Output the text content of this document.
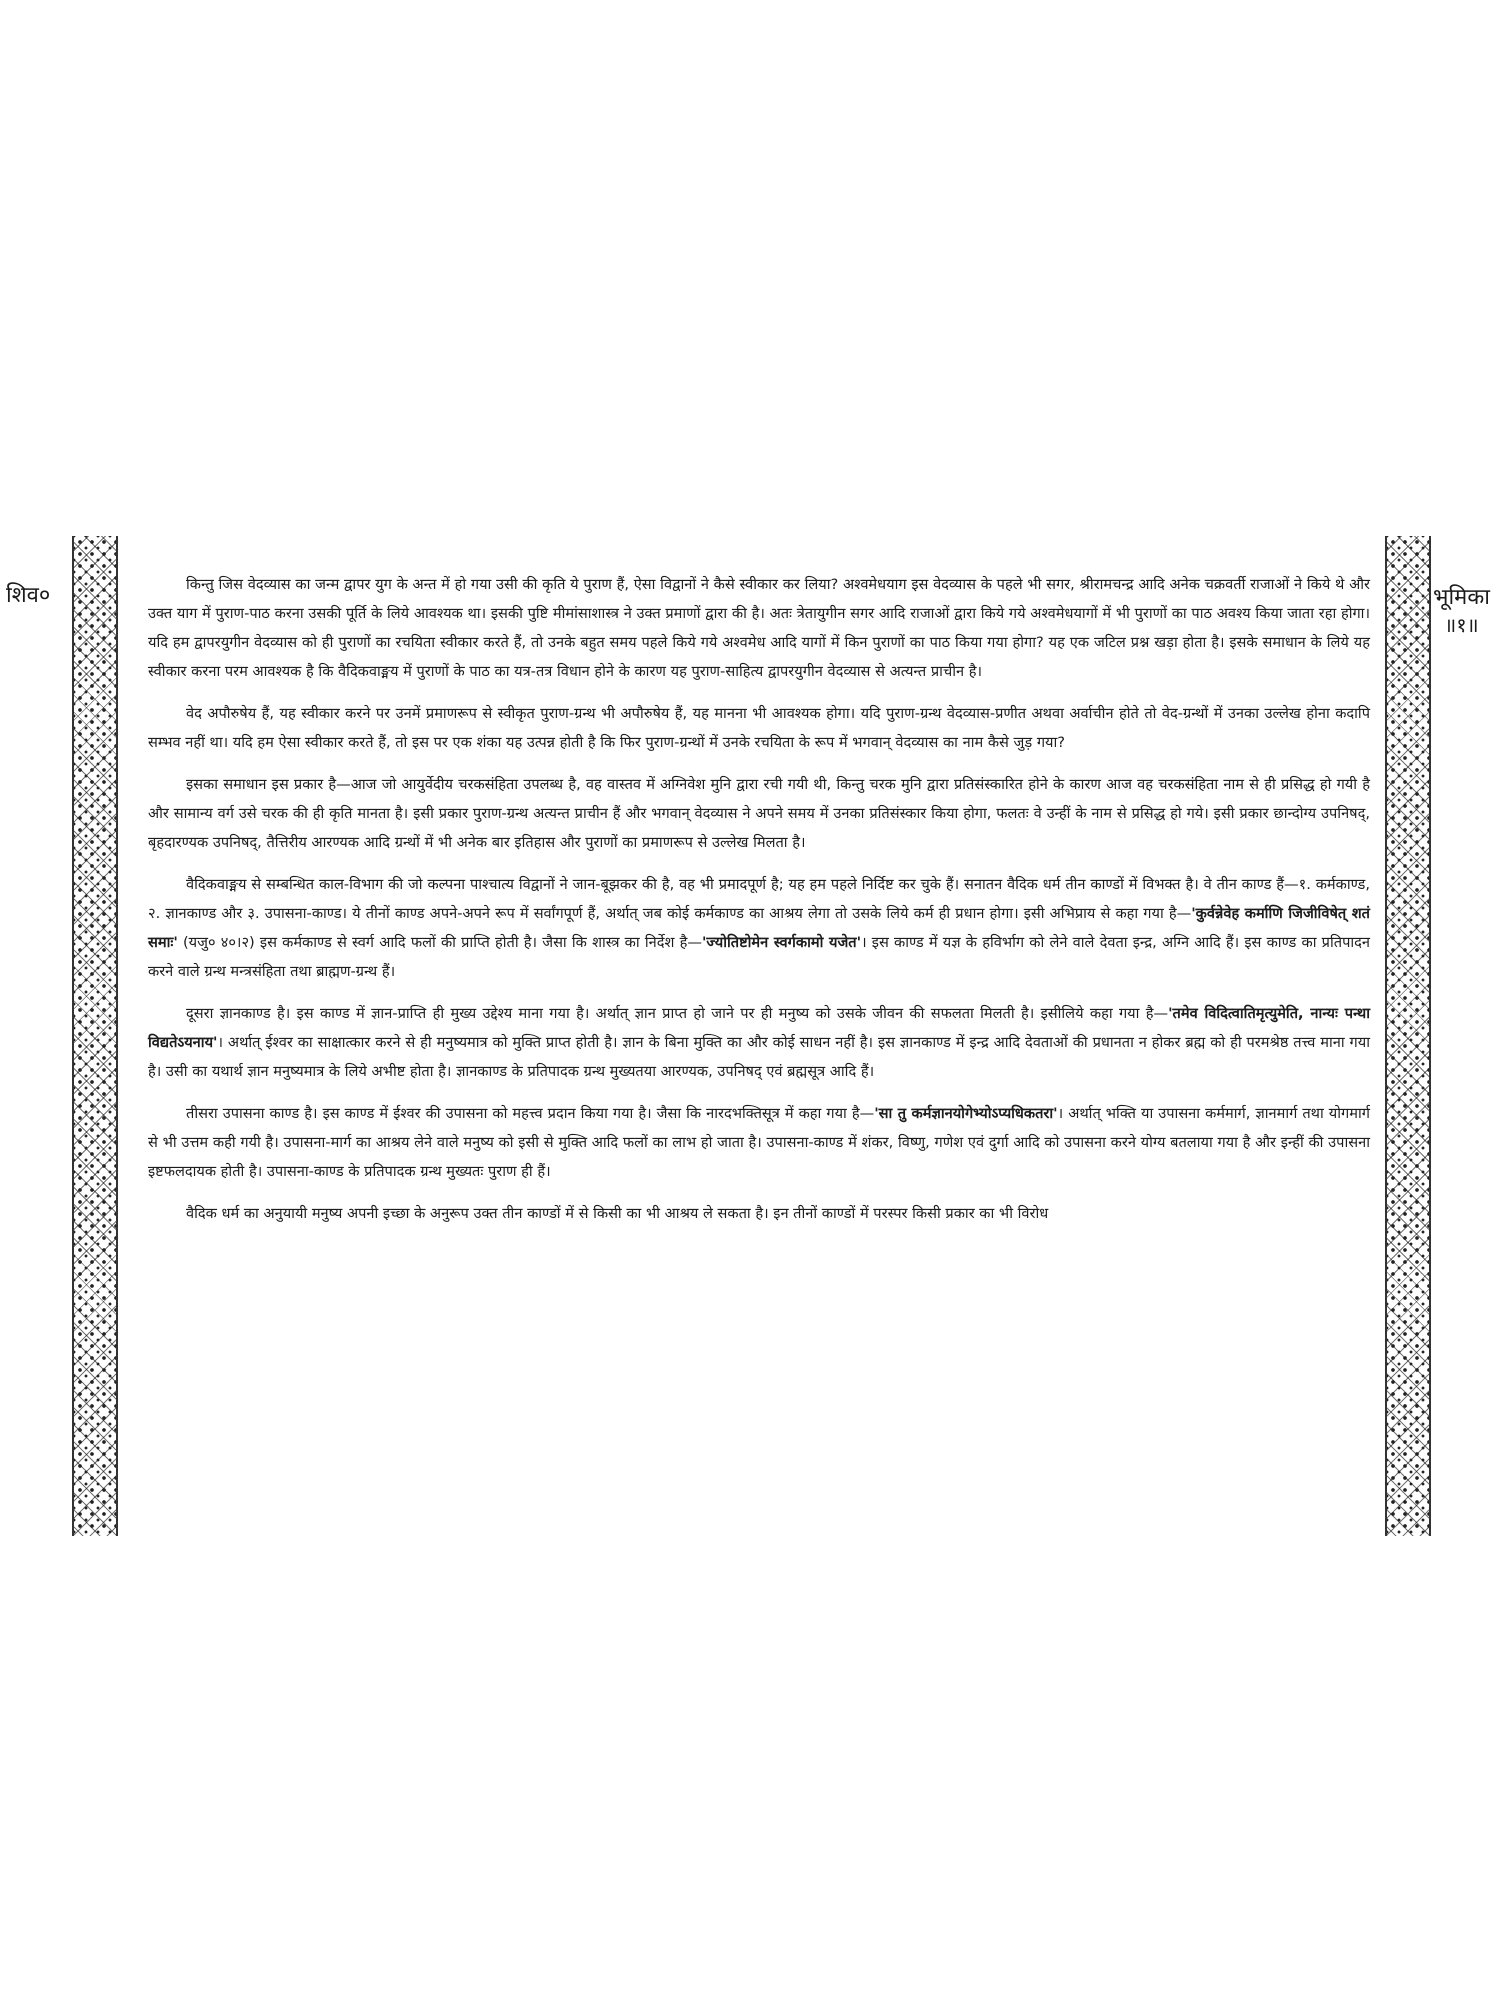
शिव०	भूमिका
॥१॥

किन्तु जिस वेदव्यास का जन्म द्वापर युग के अन्त में हो गया उसी की कृति ये पुराण हैं, ऐसा विद्वानों ने कैसे स्वीकार कर लिया? अश्वमेधयाग इस वेदव्यास के पहले भी सगर, श्रीरामचन्द्र आदि अनेक चक्रवर्ती राजाओं ने किये थे और उक्त याग में पुराण-पाठ करना उसकी पूर्ति के लिये आवश्यक था। इसकी पुष्टि मीमांसाशास्त्र ने उक्त प्रमाणों द्वारा की है। अतः त्रेतायुगीन सगर आदि राजाओं द्वारा किये गये अश्वमेधयागों में भी पुराणों का पाठ अवश्य किया जाता रहा होगा। यदि हम द्वापरयुगीन वेदव्यास को ही पुराणों का रचयिता स्वीकार करते हैं, तो उनके बहुत समय पहले किये गये अश्वमेध आदि यागों में किन पुराणों का पाठ किया गया होगा? यह एक जटिल प्रश्न खड़ा होता है। इसके समाधान के लिये यह स्वीकार करना परम आवश्यक है कि वैदिकवाङ्मय में पुराणों के पाठ का यत्र-तत्र विधान होने के कारण यह पुराण-साहित्य द्वापरयुगीन वेदव्यास से अत्यन्त प्राचीन है।

वेद अपौरुषेय हैं, यह स्वीकार करने पर उनमें प्रमाणरूप से स्वीकृत पुराण-ग्रन्थ भी अपौरुषेय हैं, यह मानना भी आवश्यक होगा। यदि पुराण-ग्रन्थ वेदव्यास-प्रणीत अथवा अर्वाचीन होते तो वेद-ग्रन्थों में उनका उल्लेख होना कदापि सम्भव नहीं था। यदि हम ऐसा स्वीकार करते हैं, तो इस पर एक शंका यह उत्पन्न होती है कि फिर पुराण-ग्रन्थों में उनके रचयिता के रूप में भगवान् वेदव्यास का नाम कैसे जुड़ गया?

इसका समाधान इस प्रकार है—आज जो आयुर्वेदीय चरकसंहिता उपलब्ध है, वह वास्तव में अग्निवेश मुनि द्वारा रची गयी थी, किन्तु चरक मुनि द्वारा प्रतिसंस्कारित होने के कारण आज वह चरकसंहिता नाम से ही प्रसिद्ध हो गयी है और सामान्य वर्ग उसे चरक की ही कृति मानता है। इसी प्रकार पुराण-ग्रन्थ अत्यन्त प्राचीन हैं और भगवान् वेदव्यास ने अपने समय में उनका प्रतिसंस्कार किया होगा, फलतः वे उन्हीं के नाम से प्रसिद्ध हो गये। इसी प्रकार छान्दोग्य उपनिषद्, बृहदारण्यक उपनिषद्, तैत्तिरीय आरण्यक आदि ग्रन्थों में भी अनेक बार इतिहास और पुराणों का प्रमाणरूप से उल्लेख मिलता है।

वैदिकवाङ्मय से सम्बन्धित काल-विभाग की जो कल्पना पाश्चात्य विद्वानों ने जान-बूझकर की है, वह भी प्रमादपूर्ण है; यह हम पहले निर्दिष्ट कर चुके हैं। सनातन वैदिक धर्म तीन काण्डों में विभक्त है। वे तीन काण्ड हैं—१. कर्मकाण्ड, २. ज्ञानकाण्ड और ३. उपासना-काण्ड। ये तीनों काण्ड अपने-अपने रूप में सर्वांगपूर्ण हैं, अर्थात् जब कोई कर्मकाण्ड का आश्रय लेगा तो उसके लिये कर्म ही प्रधान होगा। इसी अभिप्राय से कहा गया है—'कुर्वन्नेवेह कर्माणि जिजीविषेत् शतं समाः' (यजु० ४०।२) इस कर्मकाण्ड से स्वर्ग आदि फलों की प्राप्ति होती है। जैसा कि शास्त्र का निर्देश है—'ज्योतिष्टोमेन स्वर्गकामो यजेत'। इस काण्ड में यज्ञ के हविर्भाग को लेने वाले देवता इन्द्र, अग्नि आदि हैं। इस काण्ड का प्रतिपादन करने वाले ग्रन्थ मन्त्रसंहिता तथा ब्राह्मण-ग्रन्थ हैं।

दूसरा ज्ञानकाण्ड है। इस काण्ड में ज्ञान-प्राप्ति ही मुख्य उद्देश्य माना गया है। अर्थात् ज्ञान प्राप्त हो जाने पर ही मनुष्य को उसके जीवन की सफलता मिलती है। इसीलिये कहा गया है—'तमेव विदित्वातिमृत्युमेति, नान्यः पन्था विद्यतेऽयनाय'। अर्थात् ईश्वर का साक्षात्कार करने से ही मनुष्यमात्र को मुक्ति प्राप्त होती है। ज्ञान के बिना मुक्ति का और कोई साधन नहीं है। इस ज्ञानकाण्ड में इन्द्र आदि देवताओं की प्रधानता न होकर ब्रह्म को ही परमश्रेष्ठ तत्त्व माना गया है। उसी का यथार्थ ज्ञान मनुष्यमात्र के लिये अभीष्ट होता है। ज्ञानकाण्ड के प्रतिपादक ग्रन्थ मुख्यतया आरण्यक, उपनिषद् एवं ब्रह्मसूत्र आदि हैं।

तीसरा उपासना काण्ड है। इस काण्ड में ईश्वर की उपासना को महत्त्व प्रदान किया गया है। जैसा कि नारदभक्तिसूत्र में कहा गया है—'सा तु कर्मज्ञानयोगेभ्योऽप्यधिकतरा'। अर्थात् भक्ति या उपासना कर्ममार्ग, ज्ञानमार्ग तथा योगमार्ग से भी उत्तम कही गयी है। उपासना-मार्ग का आश्रय लेने वाले मनुष्य को इसी से मुक्ति आदि फलों का लाभ हो जाता है। उपासना-काण्ड में शंकर, विष्णु, गणेश एवं दुर्गा आदि को उपासना करने योग्य बतलाया गया है और इन्हीं की उपासना इष्टफलदायक होती है। उपासना-काण्ड के प्रतिपादक ग्रन्थ मुख्यतः पुराण ही हैं।

वैदिक धर्म का अनुयायी मनुष्य अपनी इच्छा के अनुरूप उक्त तीन काण्डों में से किसी का भी आश्रय ले सकता है। इन तीनों काण्डों में परस्पर किसी प्रकार का भी विरोध
